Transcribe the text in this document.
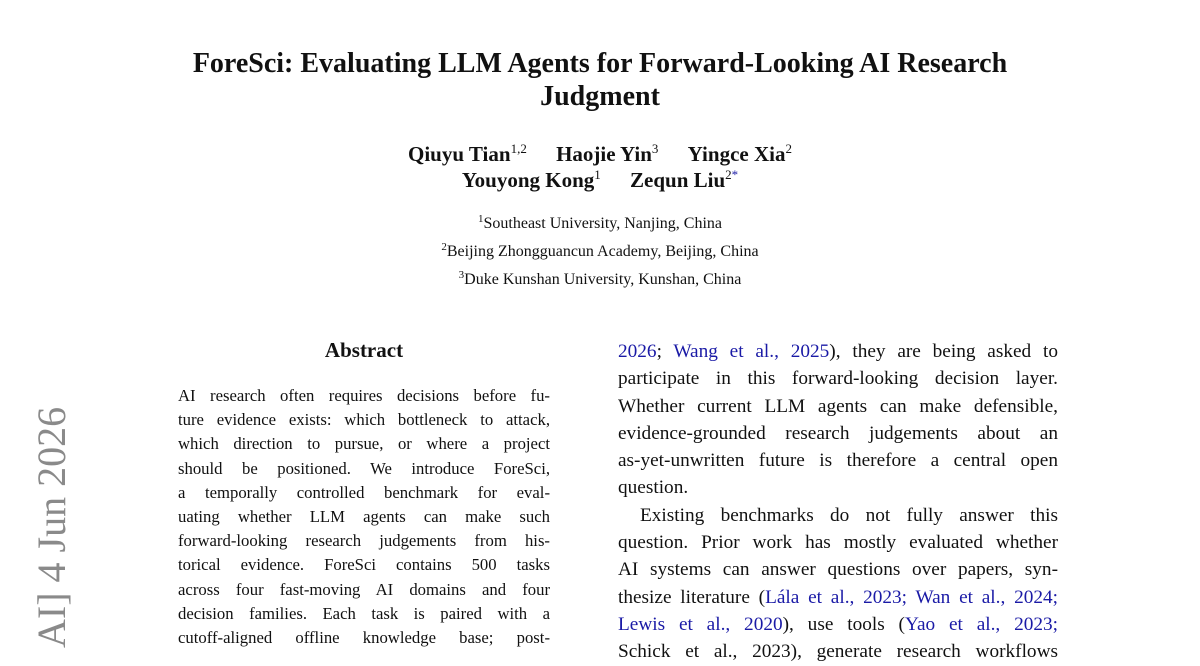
AI] 4 Jun 2026
ForeSci: Evaluating LLM Agents for Forward-Looking AI Research
Judgment
Qiuyu Tian$^{1,2}$ Haojie Yin$^3$ Yingce Xia$^2$
Youyong Kong$^1$ Zequn Liu$^{2*}$
$^1$Southeast University, Nanjing, China
$^2$Beijing Zhongguancun Academy, Beijing, China
$^3$Duke Kunshan University, Kunshan, China
Abstract
AI research often requires decisions before fu-
ture evidence exists: which bottleneck to attack,
which direction to pursue, or where a project
should be positioned. We introduce ForeSci,
a temporally controlled benchmark for eval-
uating whether LLM agents can make such
forward-looking research judgements from his-
torical evidence. ForeSci contains 500 tasks
across four fast-moving AI domains and four
decision families. Each task is paired with a
cutoff-aligned offline knowledge base; post-
2026; Wang et al., 2025), they are being asked to
participate in this forward-looking decision layer.
Whether current LLM agents can make defensible,
evidence-grounded research judgements about an
as-yet-unwritten future is therefore a central open
question.
Existing benchmarks do not fully answer this
question. Prior work has mostly evaluated whether
AI systems can answer questions over papers, syn-
thesize literature (Lála et al., 2023; Wan et al., 2024;
Lewis et al., 2020), use tools (Yao et al., 2023;
Schick et al., 2023), generate research workflows
